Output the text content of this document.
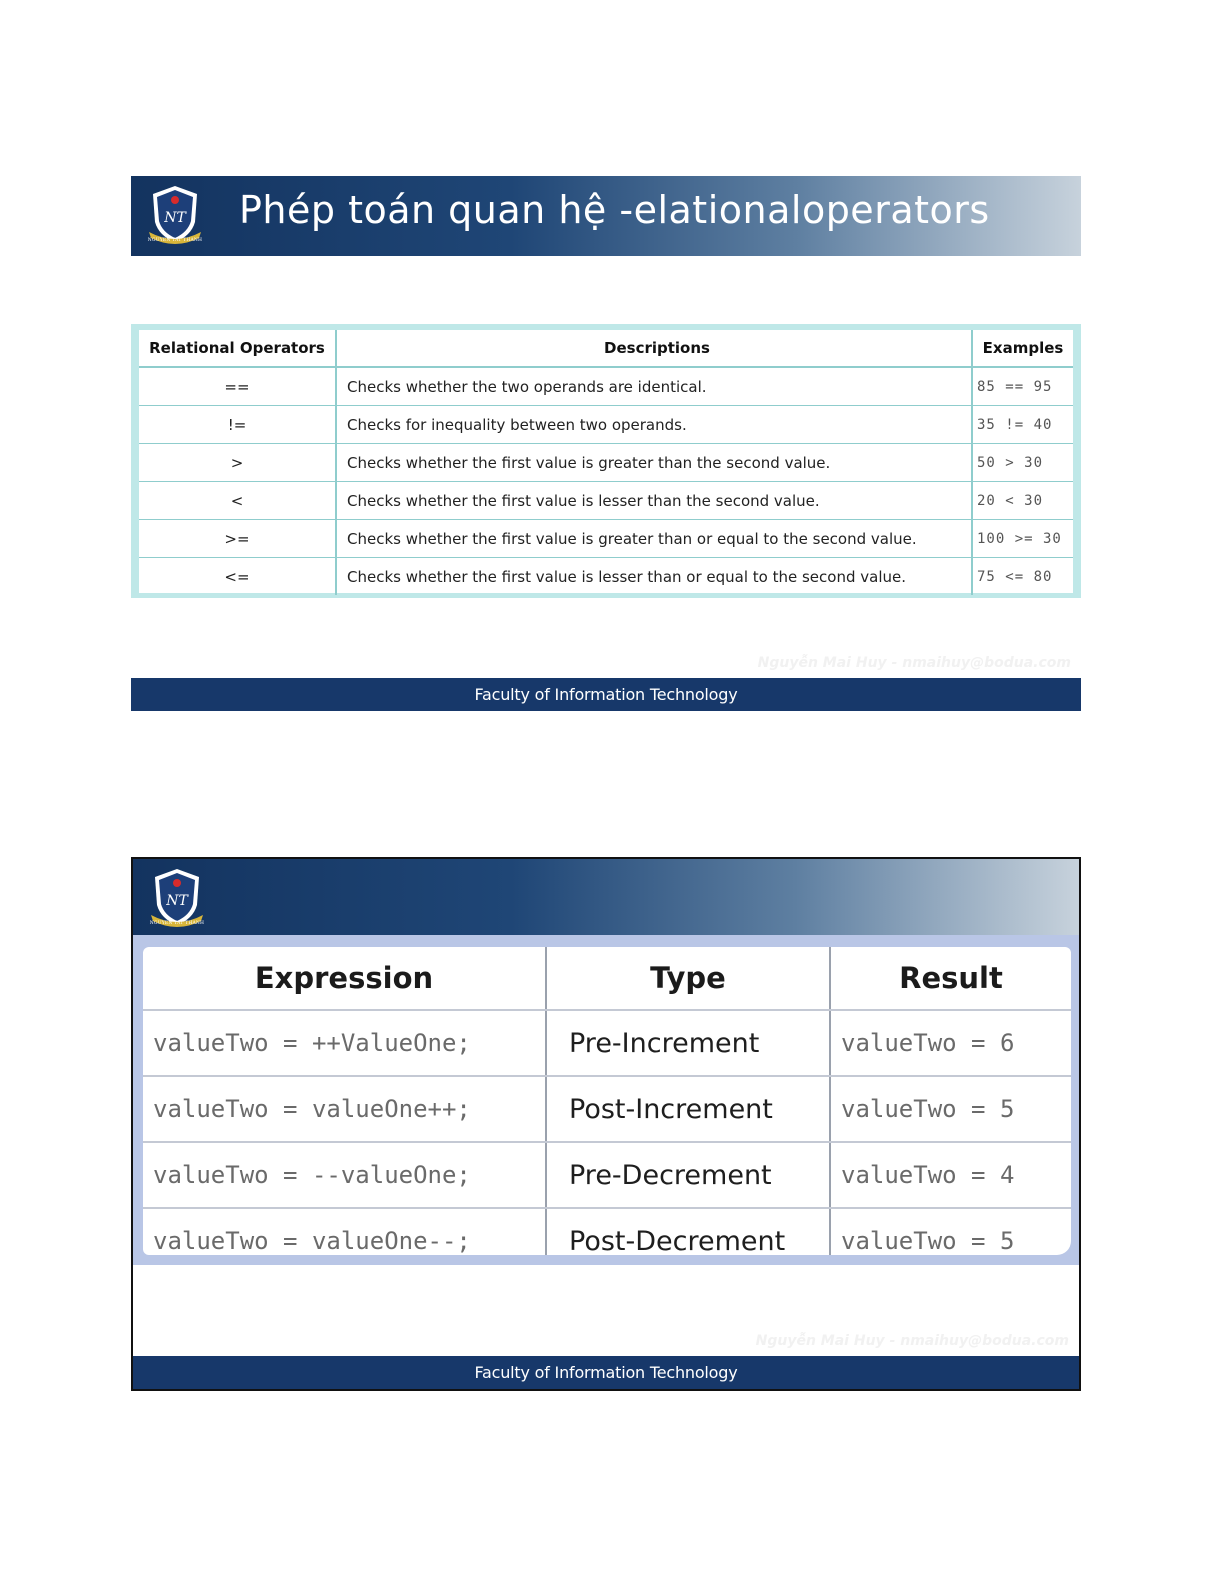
NT
NGUYEN TAT THANH
Phép toán quan hệ -elationaloperators
Relational Operators	Descriptions	Examples
==	Checks whether the two operands are identical.	85 == 95
!=	Checks for inequality between two operands.	35 != 40
>	Checks whether the first value is greater than the second value.	50 > 30
<	Checks whether the first value is lesser than the second value.	20 < 30
>=	Checks whether the first value is greater than or equal to the second value.	100 >= 30
<=	Checks whether the first value is lesser than or equal to the second value.	75 <= 80
Nguyễn Mai Huy - nmaihuy@bodua.com
Faculty of Information Technology
NT
NGUYEN TAT THANH
Expression	Type	Result
valueTwo = ++ValueOne;	Pre-Increment	valueTwo = 6
valueTwo = valueOne++;	Post-Increment	valueTwo = 5
valueTwo = --valueOne;	Pre-Decrement	valueTwo = 4
valueTwo = valueOne--;	Post-Decrement	valueTwo = 5
Nguyễn Mai Huy - nmaihuy@bodua.com
Faculty of Information Technology
